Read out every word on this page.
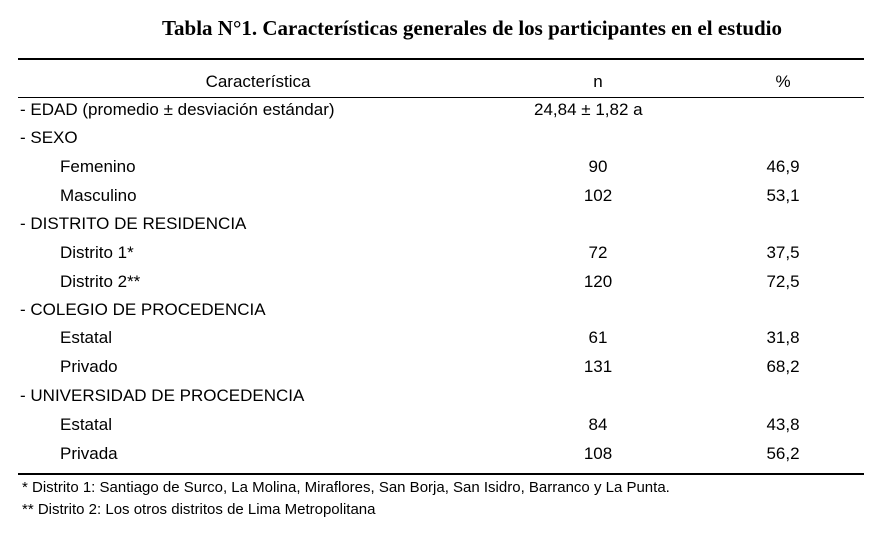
Tabla N°1. Características generales de los participantes en el estudio
Característica	n	%
- EDAD (promedio ± desviación estándar)	24,84 ± 1,82 a
- SEXO
Femenino	90	46,9
Masculino	102	53,1
- DISTRITO DE RESIDENCIA
Distrito 1*	72	37,5
Distrito 2**	120	72,5
- COLEGIO DE PROCEDENCIA
Estatal	61	31,8
Privado	131	68,2
- UNIVERSIDAD DE PROCEDENCIA
Estatal	84	43,8
Privada	108	56,2
* Distrito 1: Santiago de Surco, La Molina, Miraflores, San Borja, San Isidro, Barranco y La Punta.
** Distrito 2: Los otros distritos de Lima Metropolitana
